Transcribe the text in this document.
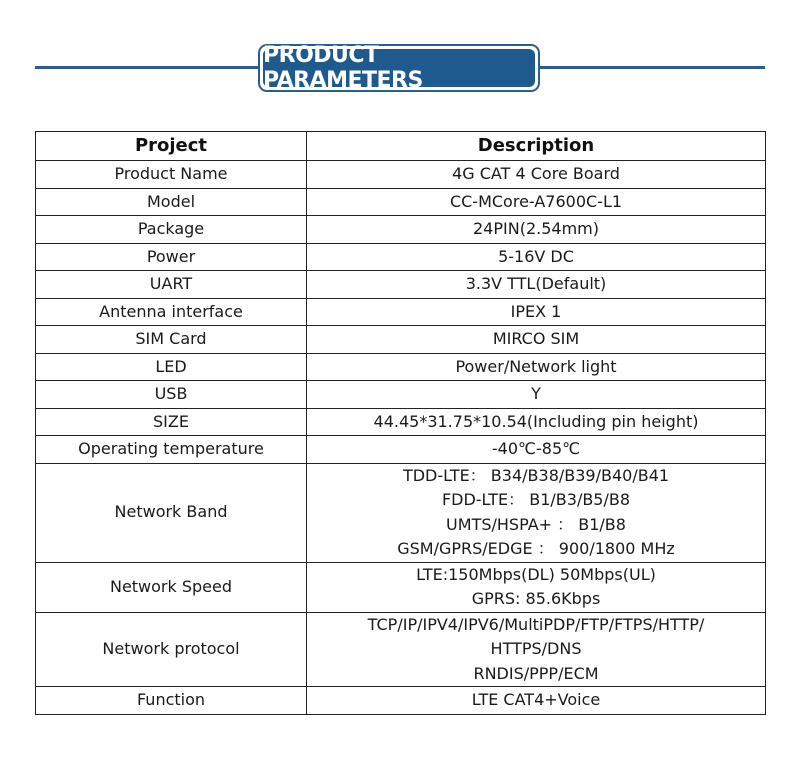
PRODUCT PARAMETERS
Project	Description
Product Name	4G CAT 4 Core Board

Model	CC-MCore-A7600C-L1

Package	24PIN(2.54mm)

Power	5-16V DC

UART	3.3V TTL(Default)

Antenna interface	IPEX 1

SIM Card	MIRCO SIM

LED	Power/Network light

USB	Y

SIZE	44.45*31.75*10.54(Including pin height)

Operating temperature	-40℃-85℃

Network Band	TDD-LTE： B34/B38/B39/B40/B41
FDD-LTE： B1/B3/B5/B8
UMTS/HSPA+ ： B1/B8
GSM/GPRS/EDGE ： 900/1800 MHz

Network Speed	LTE:150Mbps(DL) 50Mbps(UL)
GPRS: 85.6Kbps

Network protocol	TCP/IP/IPV4/IPV6/MultiPDP/FTP/FTPS/HTTP/
HTTPS/DNS
RNDIS/PPP/ECM

Function	LTE CAT4+Voice
